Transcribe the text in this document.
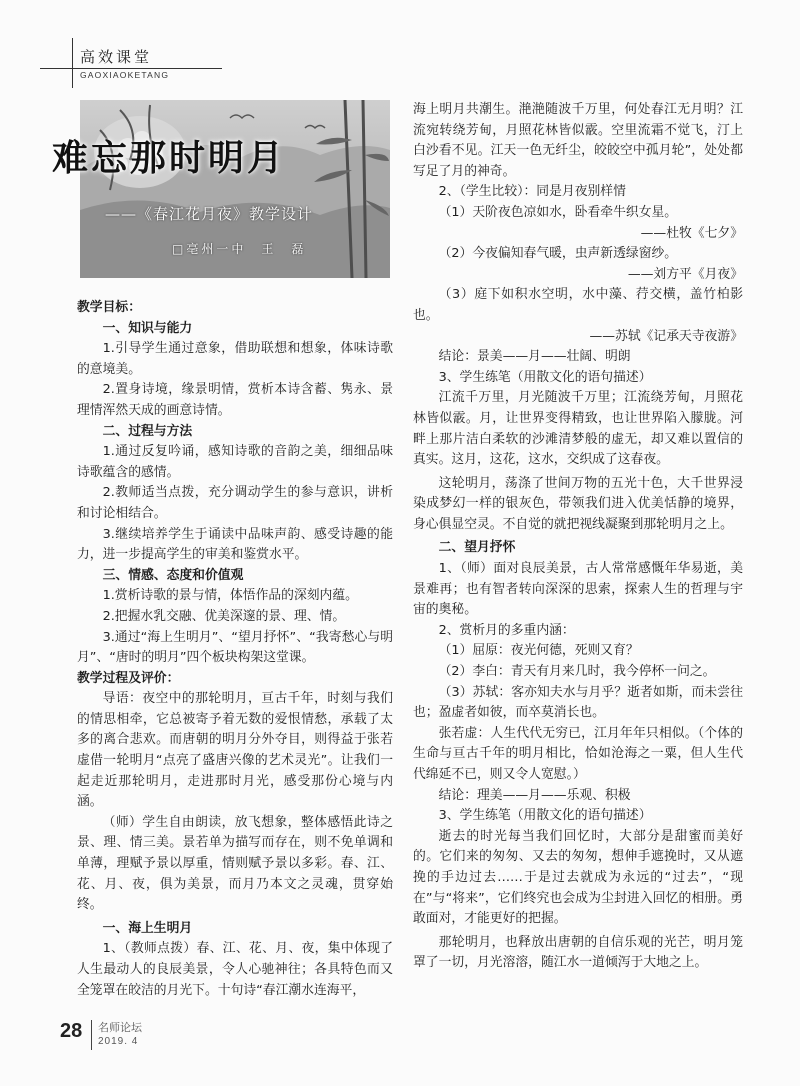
高效课堂
GAOXIAOKETANG
难忘那时明月
——《春江花月夜》教学设计
□亳州一中　王　磊

教学目标：

一、知识与能力

1.引导学生通过意象，借助联想和想象，体味诗歌的意境美。

2.置身诗境，缘景明情，赏析本诗含蓄、隽永、景理情浑然天成的画意诗情。

二、过程与方法

1.通过反复吟诵，感知诗歌的音韵之美，细细品味诗歌蕴含的感情。

2.教师适当点拨，充分调动学生的参与意识，讲析和讨论相结合。

3.继续培养学生于诵读中品味声韵、感受诗趣的能力，进一步提高学生的审美和鉴赏水平。

三、情感、态度和价值观

1.赏析诗歌的景与情，体悟作品的深刻内蕴。

2.把握水乳交融、优美深邃的景、理、情。

3.通过“海上生明月”、“望月抒怀”、“我寄愁心与明月”、“唐时的明月”四个板块构架这堂课。

教学过程及评价：

导语：夜空中的那轮明月，亘古千年，时刻与我们的情思相牵，它总被寄予着无数的爱恨情愁，承载了太多的离合悲欢。而唐朝的明月分外夺目，则得益于张若虚借一轮明月“点亮了盛唐兴像的艺术灵光”。让我们一起走近那轮明月，走进那时月光，感受那份心境与内涵。

（师）学生自由朗读，放飞想象，整体感悟此诗之景、理、情三美。景若单为描写而存在，则不免单调和单薄，理赋予景以厚重，情则赋予景以多彩。春、江、花、月、夜，俱为美景，而月乃本文之灵魂，贯穿始终。

一、海上生明月

1、（教师点拨）春、江、花、月、夜，集中体现了人生最动人的良辰美景，令人心驰神往；各具特色而又全笼罩在皎洁的月光下。十句诗“春江潮水连海平，

海上明月共潮生。滟滟随波千万里，何处春江无月明？江流宛转绕芳甸，月照花林皆似霰。空里流霜不觉飞，汀上白沙看不见。江天一色无纤尘，皎皎空中孤月轮”，处处都写足了月的神奇。

2、（学生比较）：同是月夜别样情

（1）天阶夜色凉如水，卧看牵牛织女星。

——杜牧《七夕》

（2）今夜偏知春气暖，虫声新透绿窗纱。

——刘方平《月夜》

（3）庭下如积水空明，水中藻、荇交横，盖竹柏影也。

——苏轼《记承天寺夜游》

结论：景美——月——壮阔、明朗

3、学生练笔（用散文化的语句描述）

江流千万里，月光随波千万里；江流绕芳甸，月照花林皆似霰。月，让世界变得精致，也让世界陷入朦胧。河畔上那片洁白柔软的沙滩清梦般的虚无，却又难以置信的真实。这月，这花，这水，交织成了这春夜。

这轮明月，荡涤了世间万物的五光十色，大千世界浸染成梦幻一样的银灰色，带领我们进入优美恬静的境界，身心俱显空灵。不自觉的就把视线凝聚到那轮明月之上。

二、望月抒怀

1、（师）面对良辰美景，古人常常感慨年华易逝，美景难再；也有智者转向深深的思索，探索人生的哲理与宇宙的奥秘。

2、赏析月的多重内涵：

（1）屈原：夜光何德，死则又育？

（2）李白：青天有月来几时，我今停杯一问之。

（3）苏轼：客亦知夫水与月乎？逝者如斯，而未尝往也；盈虚者如彼，而卒莫消长也。

张若虚：人生代代无穷已，江月年年只相似。（个体的生命与亘古千年的明月相比，恰如沧海之一粟，但人生代代绵延不已，则又令人宽慰。）

结论：理美——月——乐观、积极

3、学生练笔（用散文化的语句描述）

逝去的时光每当我们回忆时，大部分是甜蜜而美好的。它们来的匆匆、又去的匆匆，想伸手遮挽时，又从遮挽的手边过去……于是过去就成为永远的“过去”，“现在”与“将来”，它们终究也会成为尘封进入回忆的相册。勇敢面对，才能更好的把握。

那轮明月，也释放出唐朝的自信乐观的光芒，明月笼罩了一切，月光溶溶，随江水一道倾泻于大地之上。

28 名师论坛
2019. 4
